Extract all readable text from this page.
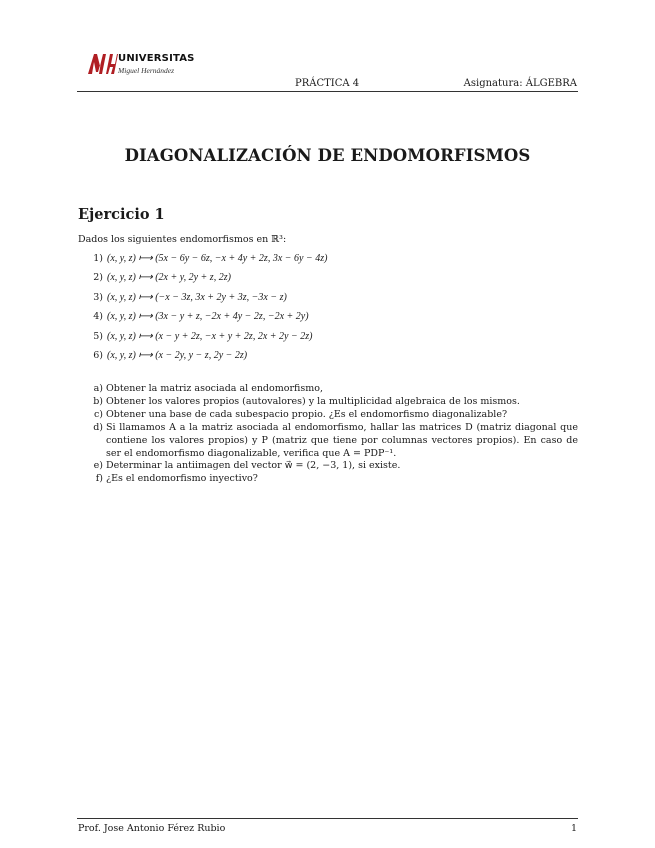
UNIVERSITAS
Miguel Hernández
PRÁCTICA 4	Asignatura: ÁLGEBRA
DIAGONALIZACIÓN DE ENDOMORFISMOS
Ejercicio 1
Dados los siguientes endomorfismos en ℝ³:
1) (x, y, z) ⟼ (5x − 6y − 6z, −x + 4y + 2z, 3x − 6y − 4z)
2) (x, y, z) ⟼ (2x + y, 2y + z, 2z)
3) (x, y, z) ⟼ (−x − 3z, 3x + 2y + 3z, −3x − z)
4) (x, y, z) ⟼ (3x − y + z, −2x + 4y − 2z, −2x + 2y)
5) (x, y, z) ⟼ (x − y + 2z, −x + y + 2z, 2x + 2y − 2z)
6) (x, y, z) ⟼ (x − 2y, y − z, 2y − 2z)
a) Obtener la matriz asociada al endomorfismo,
b) Obtener los valores propios (autovalores) y la multiplicidad algebraica de los mismos.
c) Obtener una base de cada subespacio propio. ¿Es el endomorfismo diagonalizable?
d) Si llamamos A a la matriz asociada al endomorfismo, hallar las matrices D (matriz diagonal que contiene los valores propios) y P (matriz que tiene por columnas vectores propios). En caso de ser el endomorfismo diagonalizable, verifica que A = PDP⁻¹.
e) Determinar la antiimagen del vector w⃗ = (2, −3, 1), si existe.
f) ¿Es el endomorfismo inyectivo?
Prof. Jose Antonio Férez Rubio	1
